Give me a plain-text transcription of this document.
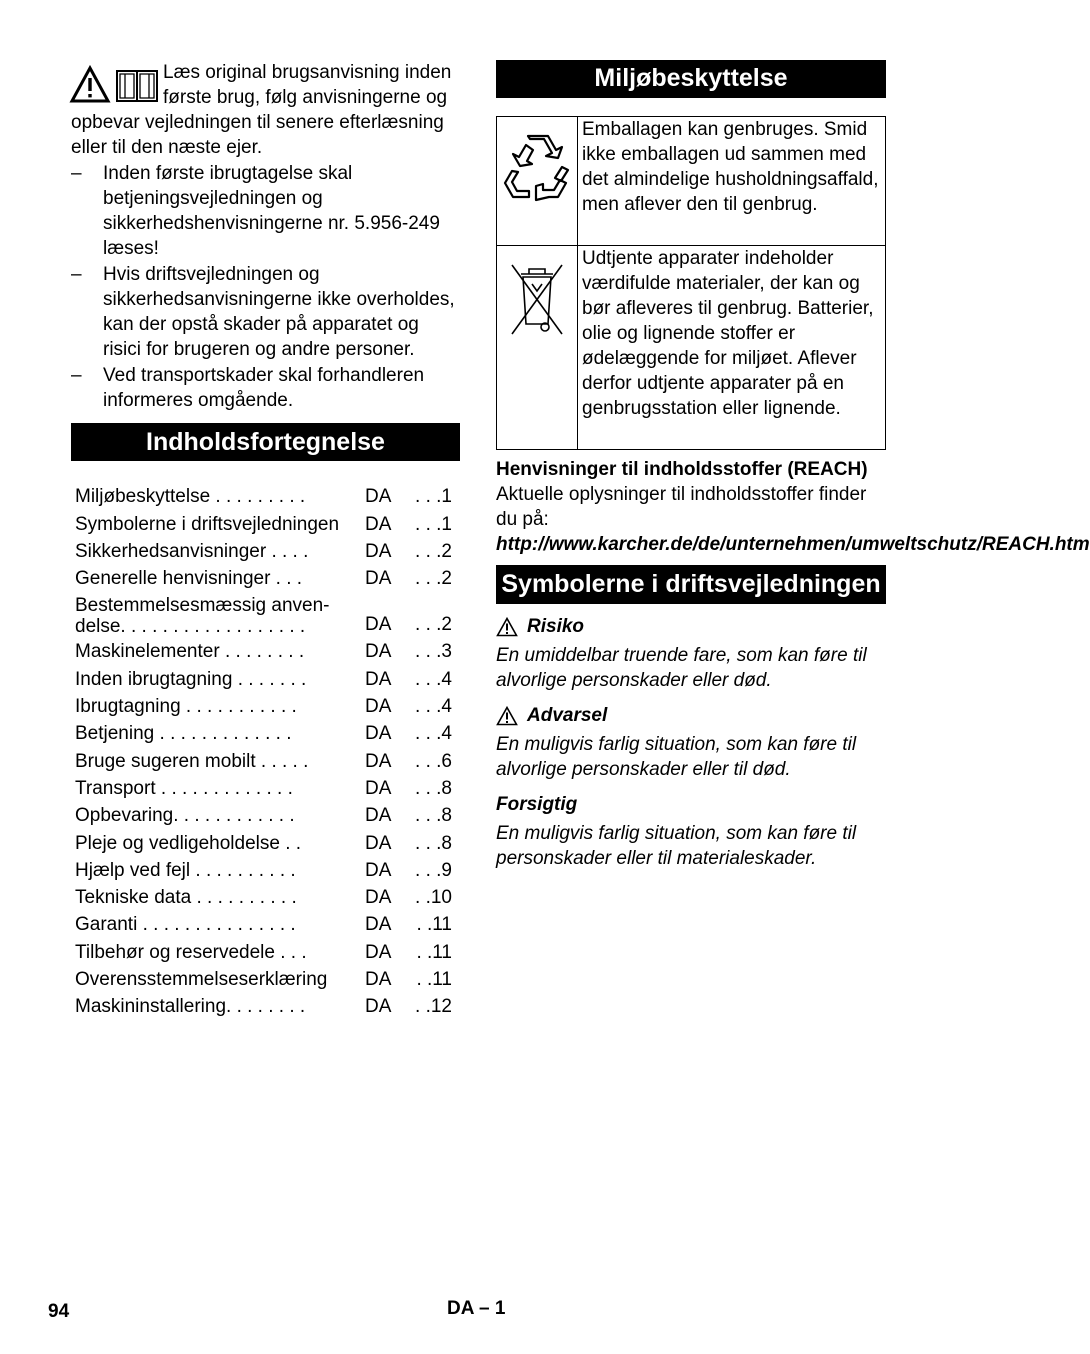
Læs original brugsanvisning inden første brug, følg anvisningerne og opbevar vejledningen til senere efterlæsning eller til den næste ejer.

– Inden første ibrugtagelse skal betjeningsvejledningen og sikkerhedshenvisningerne nr. 5.956-249 læses!
– Hvis driftsvejledningen og sikkerhedsanvisningerne ikke overholdes, kan der opstå skader på apparatet og risici for brugeren og andre personer.
– Ved transportskader skal forhandleren informeres omgående.
Indholdsfortegnelse
Miljøbeskyttelse . . . . . . . . .	DA	. . .1
Symbolerne i driftsvejledningen	DA	. . .1
Sikkerhedsanvisninger . . . .	DA	. . .2
Generelle henvisninger . . .	DA	. . .2
Bestemmelsesmæssig anven-
delse. . . . . . . . . . . . . . . . . .	DA	. . .2
Maskinelementer . . . . . . . .	DA	. . .3
Inden ibrugtagning . . . . . . .	DA	. . .4
Ibrugtagning . . . . . . . . . . .	DA	. . .4
Betjening . . . . . . . . . . . . .	DA	. . .4
Bruge sugeren mobilt . . . . .	DA	. . .6
Transport . . . . . . . . . . . . .	DA	. . .8
Opbevaring. . . . . . . . . . . .	DA	. . .8
Pleje og vedligeholdelse . .	DA	. . .8
Hjælp ved fejl . . . . . . . . . .	DA	. . .9
Tekniske data . . . . . . . . . .	DA	. .10
Garanti . . . . . . . . . . . . . . .	DA	. .11
Tilbehør og reservedele . . .	DA	. .11
Overensstemmelseserklæring	DA	. .11
Maskininstallering. . . . . . . .	DA	. .12
Miljøbeskyttelse
	Emballagen kan genbruges. Smid ikke emballagen ud sammen med det almindelige husholdningsaffald, men aflever den til genbrug.

	Udtjente apparater indeholder værdifulde materialer, der kan og bør afleveres til genbrug. Batterier, olie og lignende stoffer er ødelæggende for miljøet. Aflever derfor udtjente apparater på en genbrugsstation eller lignende.

Henvisninger til indholdsstoffer (REACH)

Aktuelle oplysninger til indholdsstoffer finder du på:

http://www.karcher.de/de/unternehmen/umweltschutz/REACH.htm

Symbolerne i driftsvejledningen
Risiko

En umiddelbar truende fare, som kan føre til alvorlige personskader eller død.

Advarsel

En muligvis farlig situation, som kan føre til alvorlige personskader eller til død.

Forsigtig

En muligvis farlig situation, som kan føre til personskader eller til materialeskader.

94	DA – 1
